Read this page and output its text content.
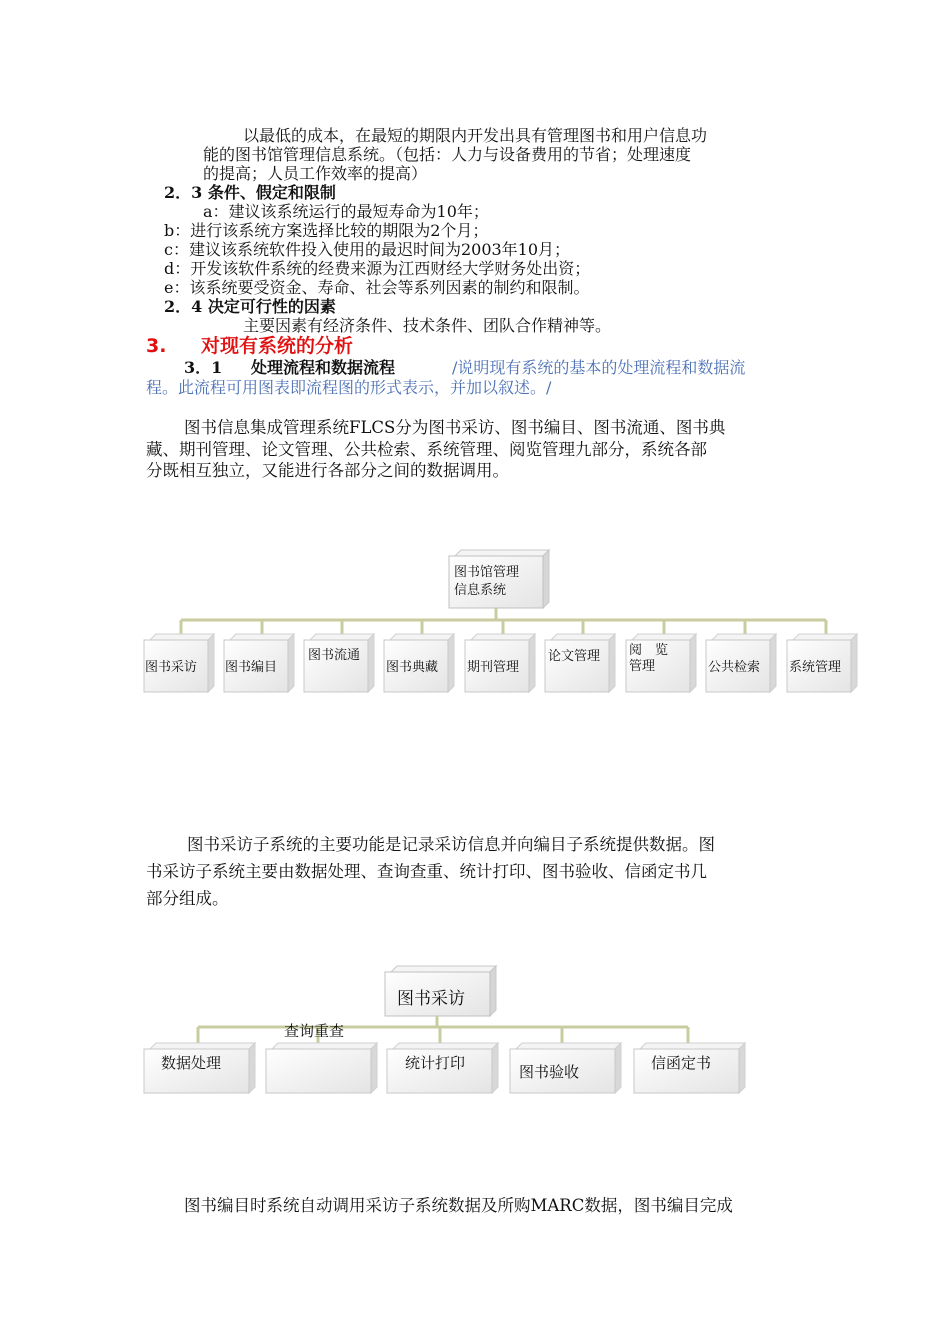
以最低的成本，在最短的期限内开发出具有管理图书和用户信息功
能的图书馆管理信息系统。（包括：人力与设备费用的节省；处理速度
的提高；人员工作效率的提高）
2．3 条件、假定和限制
a：建议该系统运行的最短寿命为10年；
b：进行该系统方案选择比较的期限为2个月；
c：建议该系统软件投入使用的最迟时间为2003年10月；
d：开发该软件系统的经费来源为江西财经大学财务处出资；
e：该系统要受资金、寿命、社会等系列因素的制约和限制。
2．4 决定可行性的因素
主要因素有经济条件、技术条件、团队合作精神等。
3. 对现有系统的分析
3．1 处理流程和数据流程	/说明现有系统的基本的处理流程和数据流
程。此流程可用图表即流程图的形式表示，并加以叙述。/
图书信息集成管理系统FLCS分为图书采访、图书编目、图书流通、图书典
藏、期刊管理、论文管理、公共检索、系统管理、阅览管理九部分，系统各部
分既相互独立，又能进行各部分之间的数据调用。
图书馆管理
信息系统
图书采访 图书编目
图书流通
图书典藏 期刊管理
论文管理 阅　览　管理	公共检索 系统管理
图书采访子系统的主要功能是记录采访信息并向编目子系统提供数据。图
书采访子系统主要由数据处理、查询查重、统计打印、图书验收、信函定书几
部分组成。
图书采访
查询重查
数据处理	统计打印	图书验收	信函定书
图书编目时系统自动调用采访子系统数据及所购MARC数据，图书编目完成
